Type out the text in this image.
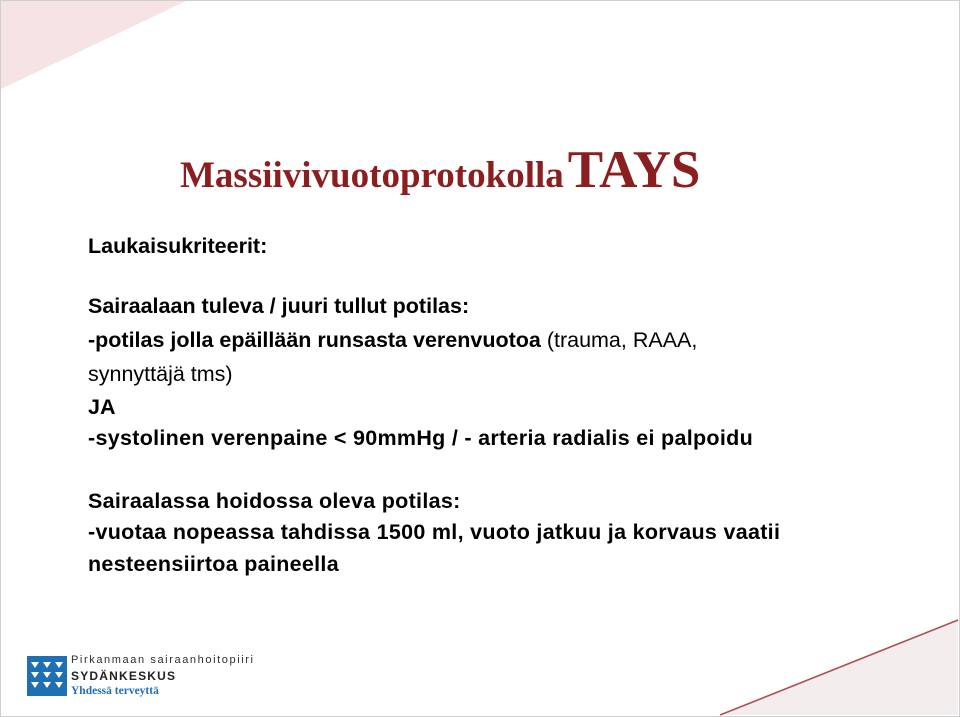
Massiivivuotoprotokolla TAYS
Laukaisukriteerit:
Sairaalaan tuleva / juuri tullut potilas:
-potilas jolla epäillään runsasta verenvuotoa (trauma, RAAA,
synnyttäjä tms)
JA
-systolinen verenpaine < 90mmHg / - arteria radialis ei palpoidu
Sairaalassa hoidossa oleva potilas:
-vuotaa nopeassa tahdissa 1500 ml, vuoto jatkuu ja korvaus vaatii
nesteensiirtoa paineella
Pirkanmaan sairaanhoitopiiri
SYDÄNKESKUS
Yhdessä terveyttä
